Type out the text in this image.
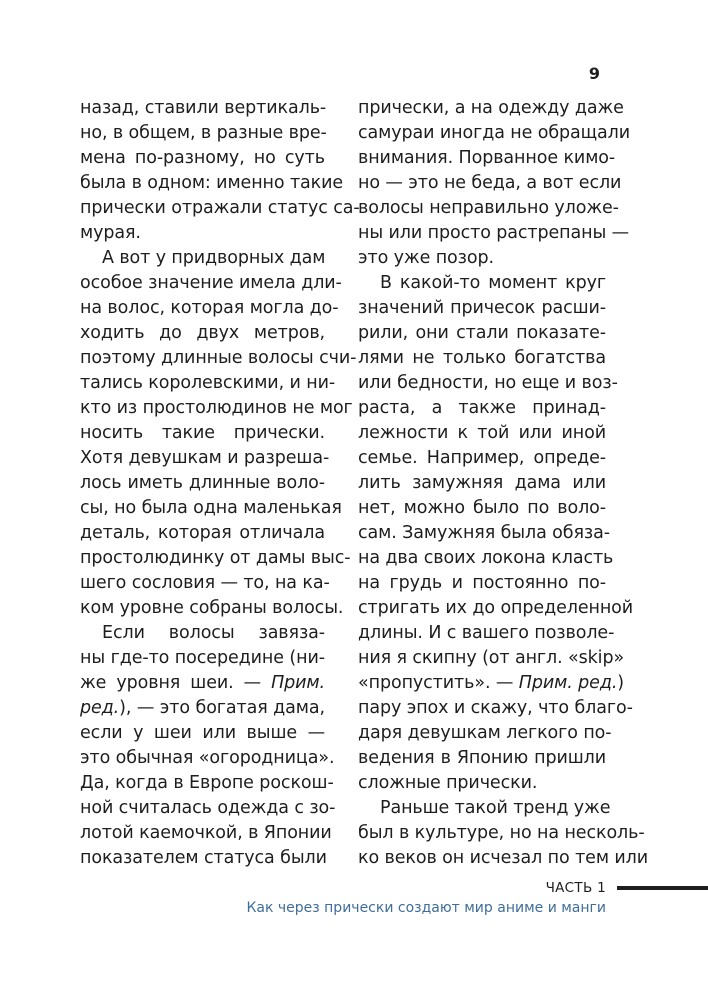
9
назад, ставили вертикаль-
но, в общем, в разные вре-
мена по-разному, но суть
была в одном: именно такие
прически отражали статус са-
мурая.
А вот у придворных дам
особое значение имела дли-
на волос, которая могла до-
ходить до двух метров,
поэтому длинные волосы счи-
тались королевскими, и ни-
кто из простолюдинов не мог
носить такие прически.
Хотя девушкам и разреша-
лось иметь длинные воло-
сы, но была одна маленькая
деталь, которая отличала
простолюдинку от дамы выс-
шего сословия — то, на ка-
ком уровне собраны волосы.
Если волосы завяза-
ны где-то посередине (ни-
же уровня шеи. — Прим.
ред.), — это богатая дама,
если у шеи или выше —
это обычная «огородница».
Да, когда в Европе роскош-
ной считалась одежда с зо-
лотой каемочкой, в Японии
показателем статуса были
прически, а на одежду даже
самураи иногда не обращали
внимания. Порванное кимо-
но — это не беда, а вот если
волосы неправильно уложе-
ны или просто растрепаны —
это уже позор.
В какой-то момент круг
значений причесок расши-
рили, они стали показате-
лями не только богатства
или бедности, но еще и воз-
раста, а также принад-
лежности к той или иной
семье. Например, опреде-
лить замужняя дама или
нет, можно было по воло-
сам. Замужняя была обяза-
на два своих локона класть
на грудь и постоянно по-
стригать их до определенной
длины. И с вашего позволе-
ния я скипну (от англ. «skip»
«пропустить». — Прим. ред.)
пару эпох и скажу, что благо-
даря девушкам легкого по-
ведения в Японию пришли
сложные прически.
Раньше такой тренд уже
был в культуре, но на несколь-
ко веков он исчезал по тем или
ЧАСТЬ 1
Как через прически создают мир аниме и манги
